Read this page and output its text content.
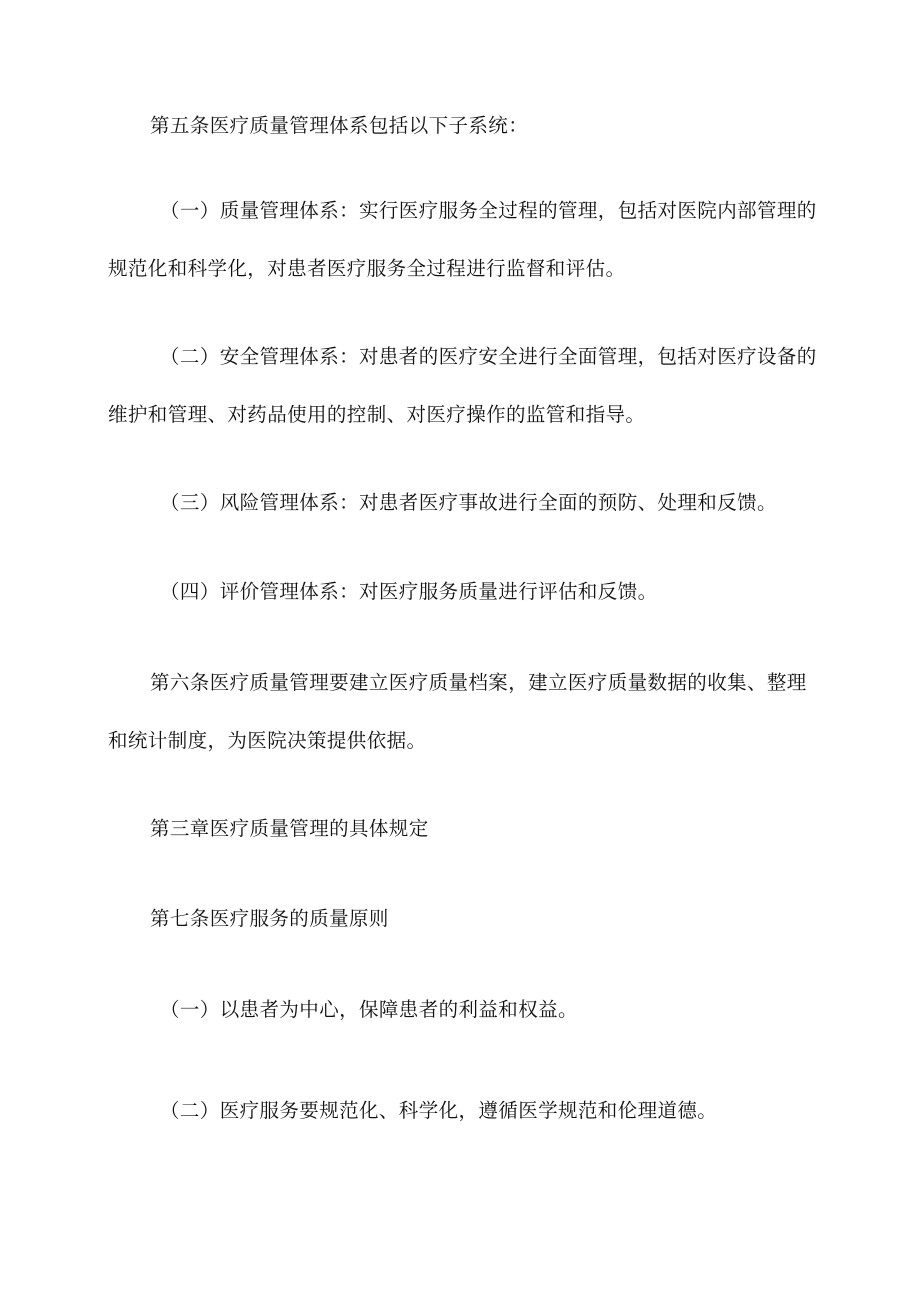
第五条医疗质量管理体系包括以下子系统：

（一）质量管理体系：实行医疗服务全过程的管理，包括对医院内部管理的规范化和科学化，对患者医疗服务全过程进行监督和评估。

（二）安全管理体系：对患者的医疗安全进行全面管理，包括对医疗设备的维护和管理、对药品使用的控制、对医疗操作的监管和指导。

（三）风险管理体系：对患者医疗事故进行全面的预防、处理和反馈。

（四）评价管理体系：对医疗服务质量进行评估和反馈。

第六条医疗质量管理要建立医疗质量档案，建立医疗质量数据的收集、整理和统计制度，为医院决策提供依据。

第三章医疗质量管理的具体规定

第七条医疗服务的质量原则

（一）以患者为中心，保障患者的利益和权益。

（二）医疗服务要规范化、科学化，遵循医学规范和伦理道德。
